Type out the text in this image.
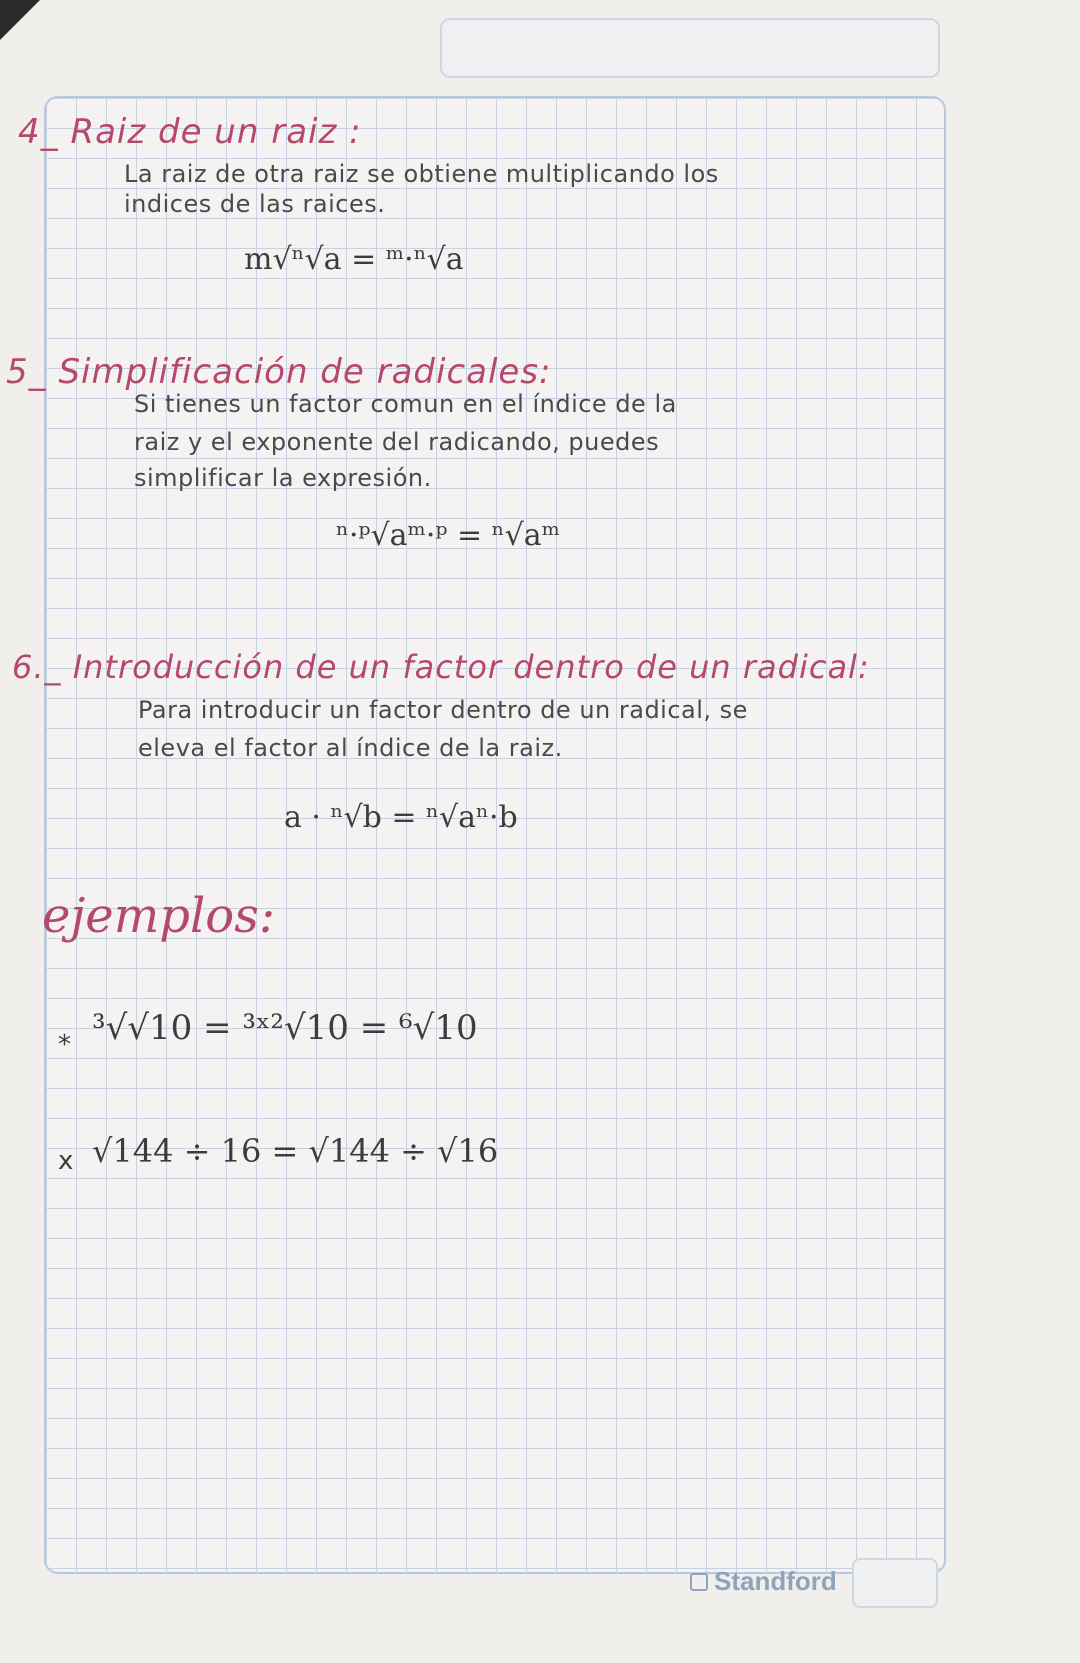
4_ Raiz de un raiz :
La raiz de otra raiz se obtiene multiplicando los
indices de las raices.
m√ⁿ√a = ᵐ·ⁿ√a
5_ Simplificación de radicales:
Si tienes un factor comun en el índice de la
raiz y el exponente del radicando, puedes
simplificar la expresión.
ⁿ·ᵖ√aᵐ·ᵖ = ⁿ√aᵐ
6._ Introducción de un factor dentro de un radical:
Para introducir un factor dentro de un radical, se
eleva el factor al índice de la raiz.
a · ⁿ√b = ⁿ√aⁿ·b
ejemplos:
* ³√√10 = ³ˣ²√10 = ⁶√10
x √144 ÷ 16 = √144 ÷ √16
Standford
